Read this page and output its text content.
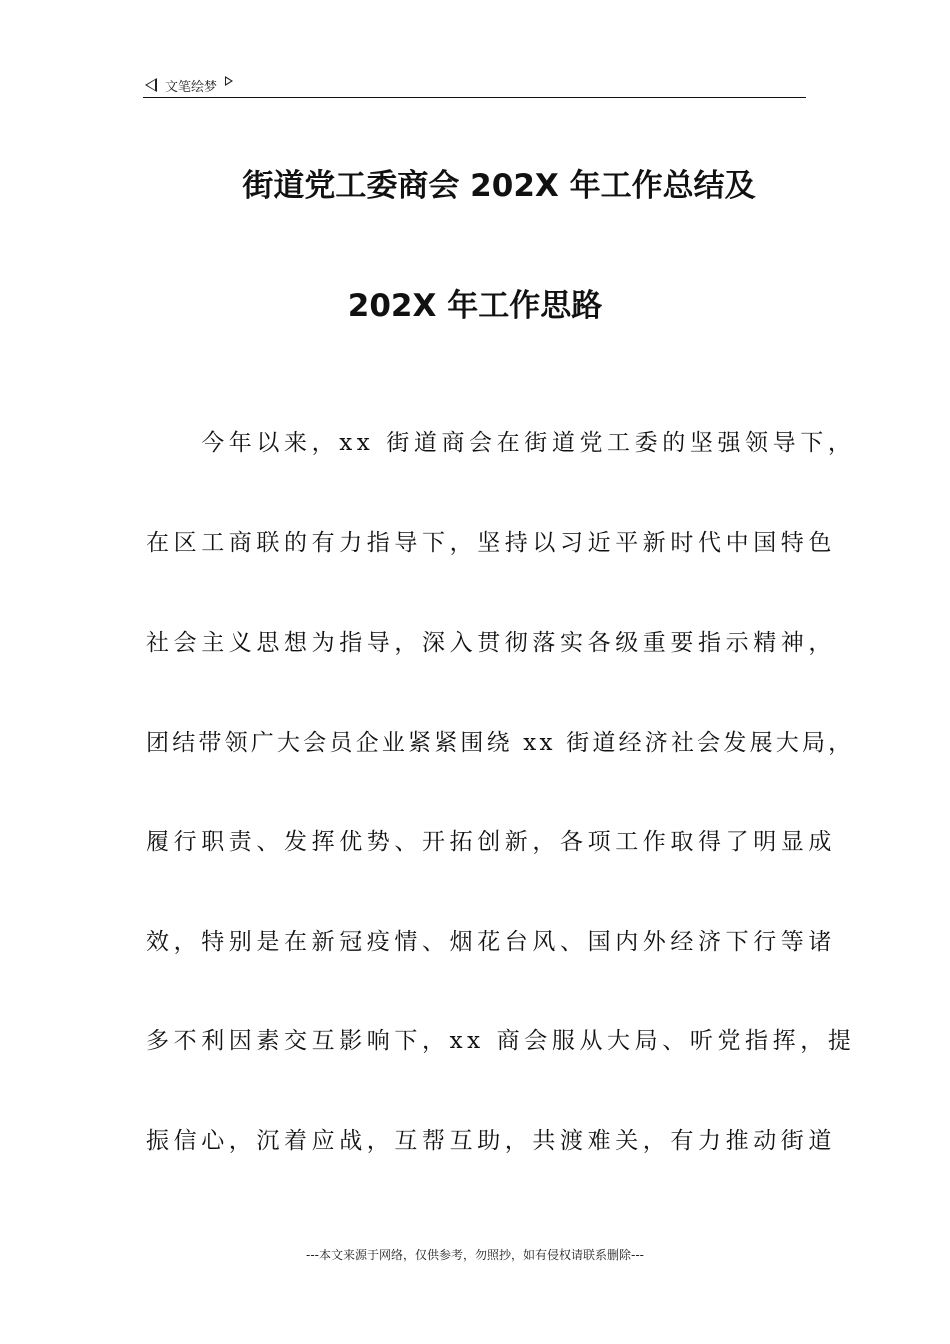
文笔绘梦
街道党工委商会 202X 年工作总结及
202X 年工作思路
　　今年以来，xx 街道商会在街道党工委的坚强领导下，
在区工商联的有力指导下，坚持以习近平新时代中国特色
社会主义思想为指导，深入贯彻落实各级重要指示精神，
团结带领广大会员企业紧紧围绕 xx 街道经济社会发展大局，
履行职责、发挥优势、开拓创新，各项工作取得了明显成
效，特别是在新冠疫情、烟花台风、国内外经济下行等诸
多不利因素交互影响下，xx 商会服从大局、听党指挥，提
振信心，沉着应战，互帮互助，共渡难关，有力推动街道
---本文来源于网络，仅供参考，勿照抄，如有侵权请联系删除---
